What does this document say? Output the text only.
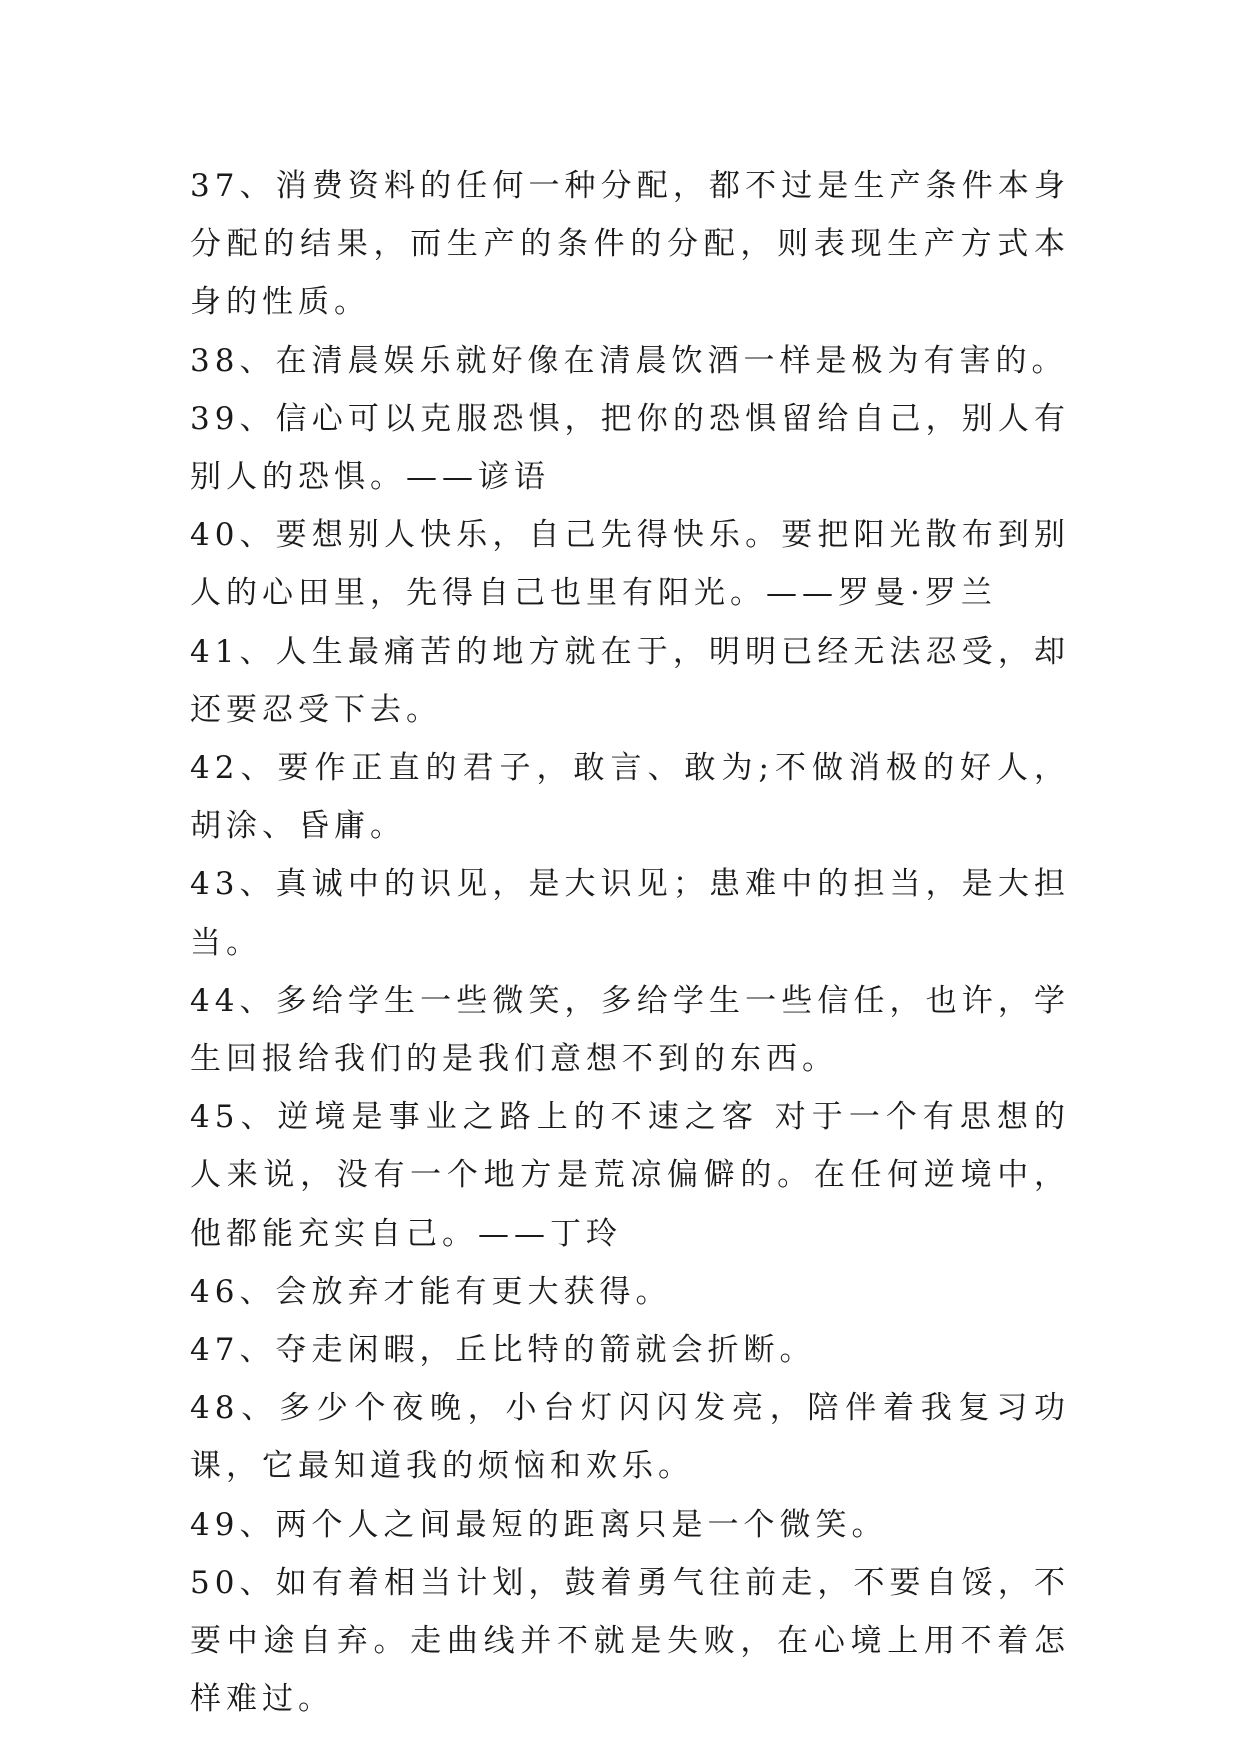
37、消费资料的任何一种分配，都不过是生产条件本身分配的结果，而生产的条件的分配，则表现生产方式本身的性质。

38、在清晨娱乐就好像在清晨饮酒一样是极为有害的。

39、信心可以克服恐惧，把你的恐惧留给自己，别人有别人的恐惧。——谚语

40、要想别人快乐，自己先得快乐。要把阳光散布到别人的心田里，先得自己也里有阳光。——罗曼·罗兰

41、人生最痛苦的地方就在于，明明已经无法忍受，却还要忍受下去。

42、要作正直的君子，敢言、敢为;不做消极的好人，胡涂、昏庸。

43、真诚中的识见，是大识见；患难中的担当，是大担当。

44、多给学生一些微笑，多给学生一些信任，也许，学生回报给我们的是我们意想不到的东西。

45、逆境是事业之路上的不速之客 对于一个有思想的人来说，没有一个地方是荒凉偏僻的。在任何逆境中，他都能充实自己。——丁玲

46、会放弃才能有更大获得。

47、夺走闲暇，丘比特的箭就会折断。

48、多少个夜晚，小台灯闪闪发亮，陪伴着我复习功课，它最知道我的烦恼和欢乐。

49、两个人之间最短的距离只是一个微笑。

50、如有着相当计划，鼓着勇气往前走，不要自馁，不要中途自弃。走曲线并不就是失败，在心境上用不着怎样难过。
